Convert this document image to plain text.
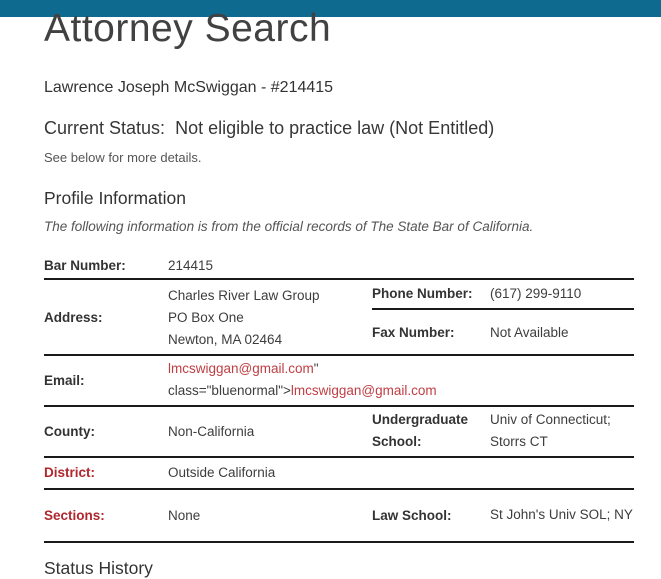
Attorney Search
Lawrence Joseph McSwiggan - #214415
Current Status: Not eligible to practice law (Not Entitled)
See below for more details.
Profile Information
The following information is from the official records of The State Bar of California.
Bar Number:	214415
Address:
Charles River Law Group
PO Box One
Newton, MA 02464
Phone Number:	(617) 299-9110
Fax Number:	Not Available
Email:
lmcswiggan@gmail.com"
class="bluenormal">lmcswiggan@gmail.com
County:	Non-California
Undergraduate School:
Univ of Connecticut; Storrs CT
District:	Outside California
Sections:	None	Law School:	St John's Univ SOL; NY
Status History
